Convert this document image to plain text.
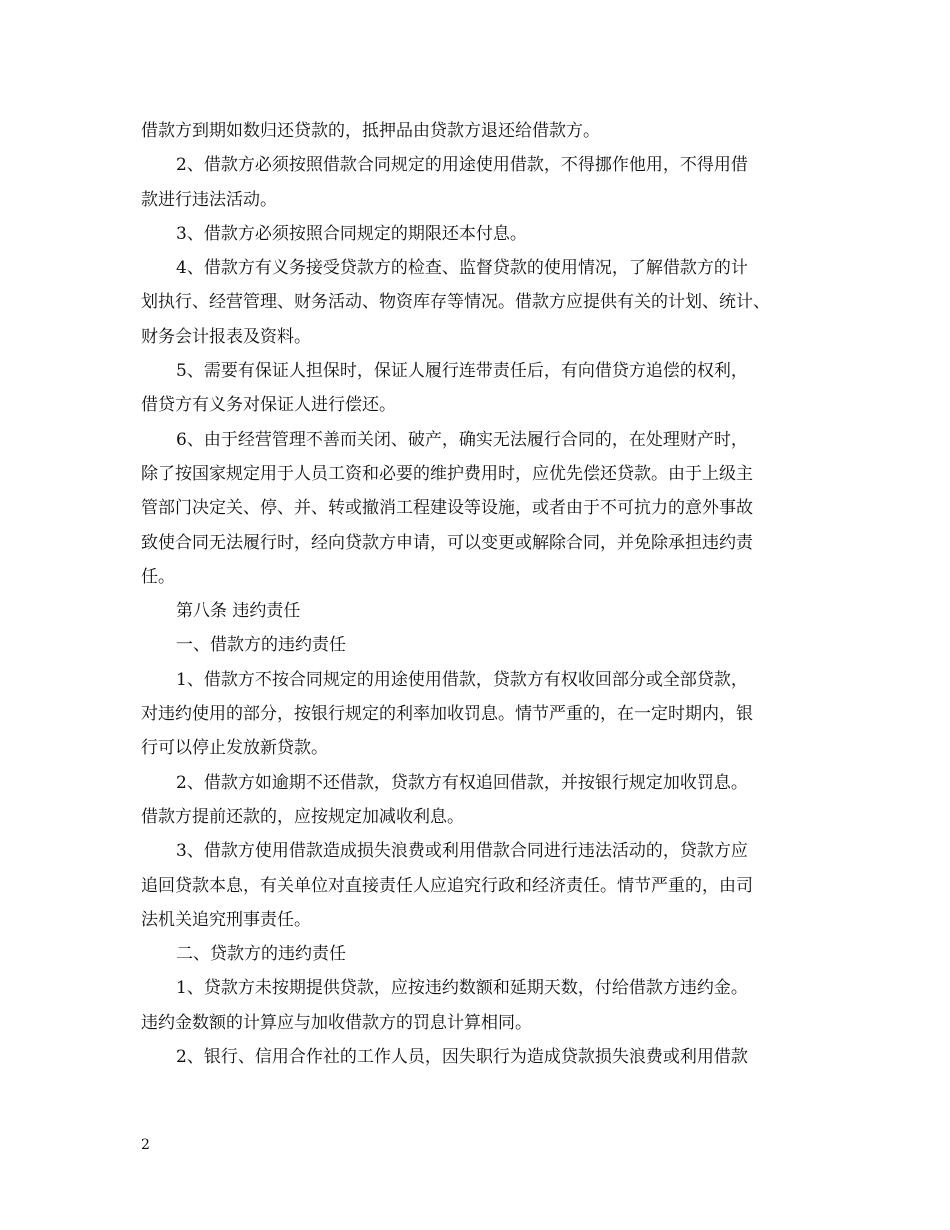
借款方到期如数归还贷款的，抵押品由贷款方退还给借款方。
2、借款方必须按照借款合同规定的用途使用借款，不得挪作他用，不得用借
款进行违法活动。
3、借款方必须按照合同规定的期限还本付息。
4、借款方有义务接受贷款方的检查、监督贷款的使用情况，了解借款方的计
划执行、经营管理、财务活动、物资库存等情况。借款方应提供有关的计划、统计、
财务会计报表及资料。
5、需要有保证人担保时，保证人履行连带责任后，有向借贷方追偿的权利，
借贷方有义务对保证人进行偿还。
6、由于经营管理不善而关闭、破产，确实无法履行合同的，在处理财产时，
除了按国家规定用于人员工资和必要的维护费用时，应优先偿还贷款。由于上级主
管部门决定关、停、并、转或撤消工程建设等设施，或者由于不可抗力的意外事故
致使合同无法履行时，经向贷款方申请，可以变更或解除合同，并免除承担违约责
任。
第八条 违约责任
一、借款方的违约责任
1、借款方不按合同规定的用途使用借款，贷款方有权收回部分或全部贷款，
对违约使用的部分，按银行规定的利率加收罚息。情节严重的，在一定时期内，银
行可以停止发放新贷款。
2、借款方如逾期不还借款，贷款方有权追回借款，并按银行规定加收罚息。
借款方提前还款的，应按规定加减收利息。
3、借款方使用借款造成损失浪费或利用借款合同进行违法活动的，贷款方应
追回贷款本息，有关单位对直接责任人应追究行政和经济责任。情节严重的，由司
法机关追究刑事责任。
二、贷款方的违约责任
1、贷款方未按期提供贷款，应按违约数额和延期天数，付给借款方违约金。
违约金数额的计算应与加收借款方的罚息计算相同。
2、银行、信用合作社的工作人员，因失职行为造成贷款损失浪费或利用借款
2
